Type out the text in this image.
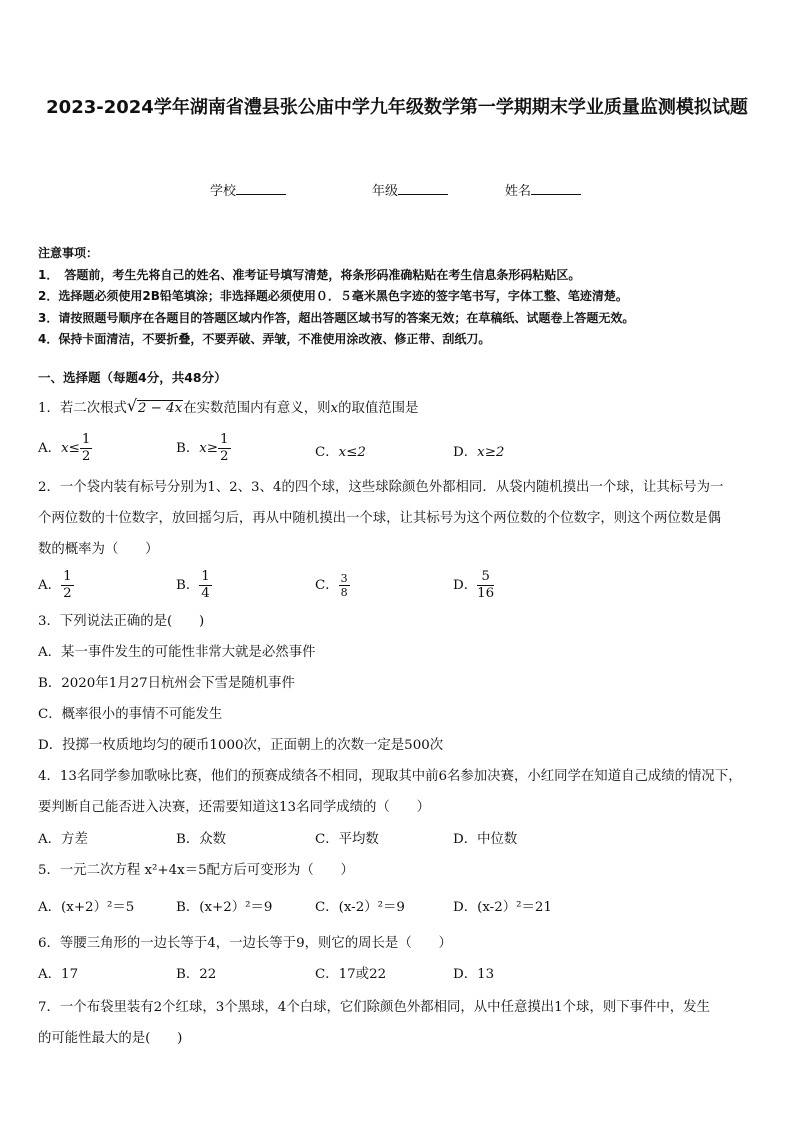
2023-2024学年湖南省澧县张公庙中学九年级数学第一学期期末学业质量监测模拟试题
学校	年级	姓名
注意事项：
1．　答题前，考生先将自己的姓名、准考证号填写清楚，将条形码准确粘贴在考生信息条形码粘贴区。
2．选择题必须使用2B铅笔填涂；非选择题必须使用０．５毫米黑色字迹的签字笔书写，字体工整、笔迹清楚。
3．请按照题号顺序在各题目的答题区域内作答，超出答题区域书写的答案无效；在草稿纸、试题卷上答题无效。
4．保持卡面清洁，不要折叠，不要弄破、弄皱，不准使用涂改液、修正带、刮纸刀。
一、选择题（每题4分，共48分）
1．若二次根式 √ 2 − 4x在实数范围内有意义，则x的取值范围是
A．$x\le \frac{1}{2}$	B．$x\ge \frac{1}{2}$	C．x≤2	D．x≥2
2．一个袋内装有标号分别为1、2、3、4的四个球，这些球除颜色外都相同．从袋内随机摸出一个球，让其标号为一
个两位数的十位数字，放回摇匀后，再从中随机摸出一个球，让其标号为这个两位数的个位数字，则这个两位数是偶
数的概率为（　　）
A． $\frac{1}{2}$	B． $\frac{1}{4}$	C． $\frac{3}{8}$	D． $\frac{5}{16}$
3．下列说法正确的是(　　)
A．某一事件发生的可能性非常大就是必然事件
B．2020年1月27日杭州会下雪是随机事件
C．概率很小的事情不可能发生
D．投掷一枚质地均匀的硬币1000次，正面朝上的次数一定是500次
4．13名同学参加歌咏比赛，他们的预赛成绩各不相同，现取其中前6名参加决赛，小红同学在知道自己成绩的情况下，
要判断自己能否进入决赛，还需要知道这13名同学成绩的（　　）
A．方差	B．众数	C．平均数	D．中位数
5．一元二次方程 x²+4x＝5配方后可变形为（　　）
A．(x+2）²＝5	B．(x+2）²＝9	C．(x-2）²＝9	D．(x-2）²＝21
6．等腰三角形的一边长等于4，一边长等于9，则它的周长是（　　）
A．17	B．22	C．17或22	D．13
7．一个布袋里装有2个红球，3个黑球，4个白球，它们除颜色外都相同，从中任意摸出1个球，则下事件中，发生
的可能性最大的是(　　)
